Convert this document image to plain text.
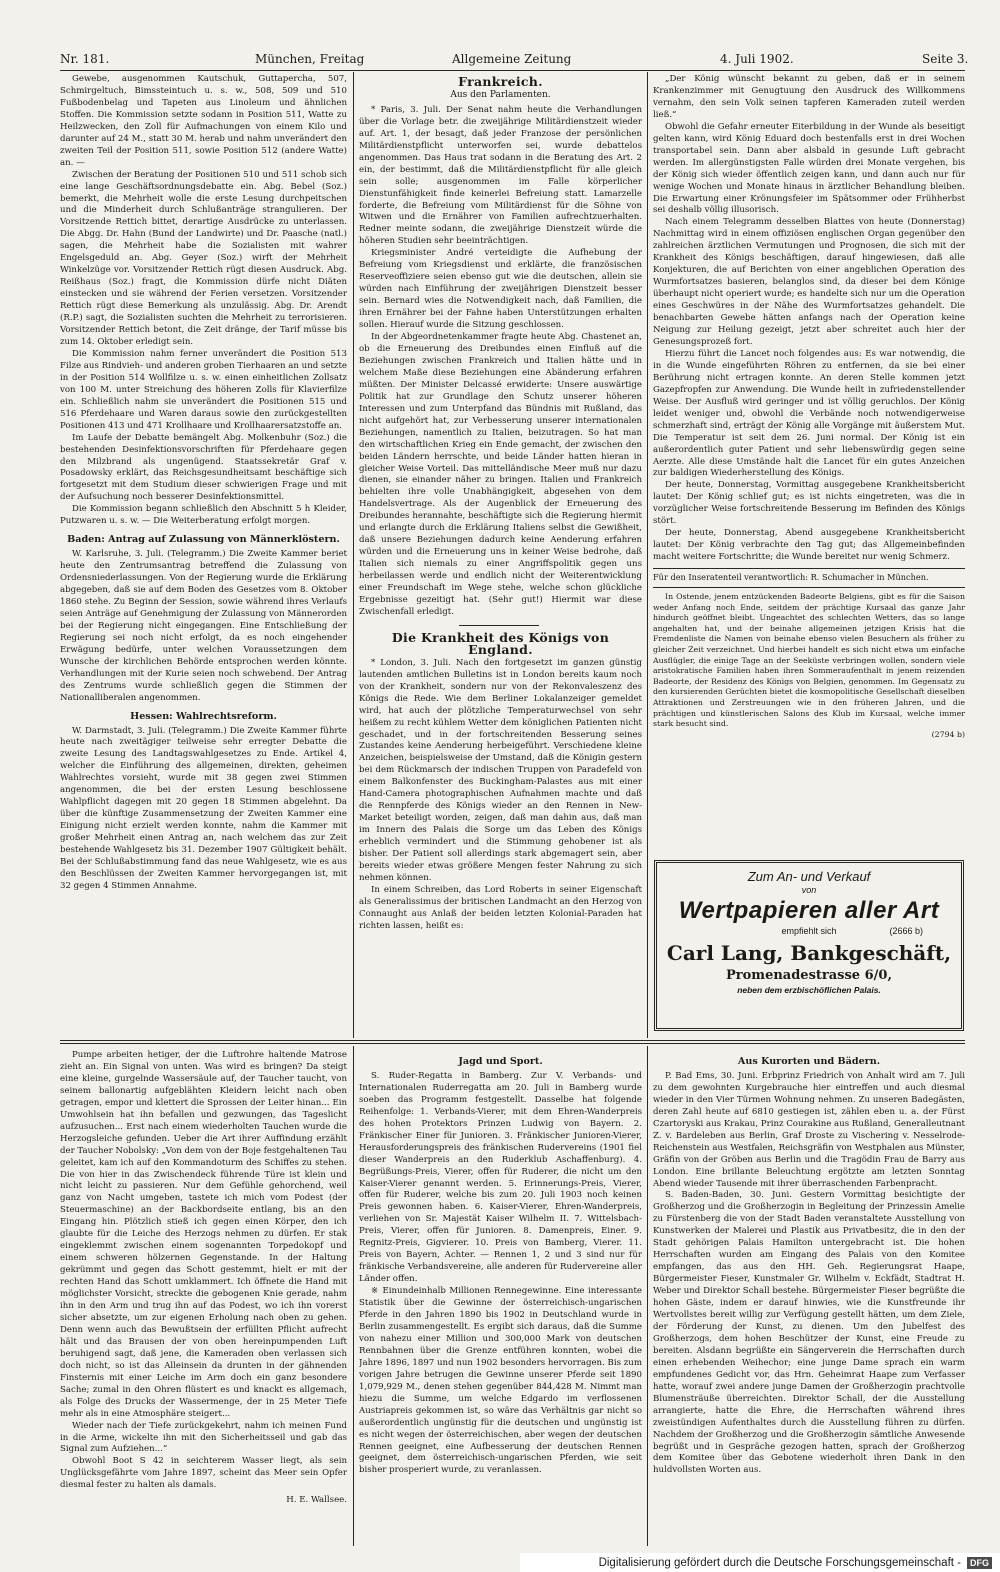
Nr. 181.	München, Freitag	Allgemeine Zeitung	4. Juli 1902.	Seite 3.

Gewebe, ausgenommen Kautschuk, Guttapercha, 507, Schmirgeltuch, Bimssteintuch u. s. w., 508, 509 und 510 Fußbodenbelag und Tapeten aus Linoleum und ähnlichen Stoffen. Die Kommission setzte sodann in Position 511, Watte zu Heilzwecken, den Zoll für Aufmachungen von einem Kilo und darunter auf 24 M., statt 30 M. herab und nahm unverändert den zweiten Teil der Position 511, sowie Position 512 (andere Watte) an. —

Zwischen der Beratung der Positionen 510 und 511 schob sich eine lange Geschäftsordnungsdebatte ein. Abg. Bebel (Soz.) bemerkt, die Mehrheit wolle die erste Lesung durchpeitschen und die Minderheit durch Schlußanträge strangulieren. Der Vorsitzende Rettich bittet, derartige Ausdrücke zu unterlassen. Die Abgg. Dr. Hahn (Bund der Landwirte) und Dr. Paasche (natl.) sagen, die Mehrheit habe die Sozialisten mit wahrer Engelsgeduld an. Abg. Geyer (Soz.) wirft der Mehrheit Winkelzüge vor. Vorsitzender Rettich rügt diesen Ausdruck. Abg. Reißhaus (Soz.) fragt, die Kommission dürfe nicht Diäten einstecken und sie während der Ferien versetzen. Vorsitzender Rettich rügt diese Bemerkung als unzulässig. Abg. Dr. Arendt (R.P.) sagt, die Sozialisten suchten die Mehrheit zu terrorisieren. Vorsitzender Rettich betont, die Zeit dränge, der Tarif müsse bis zum 14. Oktober erledigt sein.

Die Kommission nahm ferner unverändert die Position 513 Filze aus Rindvieh- und anderen groben Tierhaaren an und setzte in der Position 514 Wollfilze u. s. w. einen einheitlichen Zollsatz von 100 M. unter Streichung des höheren Zolls für Klavierfilze ein. Schließlich nahm sie unverändert die Positionen 515 und 516 Pferdehaare und Waren daraus sowie den zurückgestellten Positionen 413 und 471 Krollhaare und Krollhaarersatzstoffe an.

Im Laufe der Debatte bemängelt Abg. Molkenbuhr (Soz.) die bestehenden Desinfektionsvorschriften für Pferdehaare gegen den Milzbrand als ungenügend. Staatssekretär Graf v. Posadowsky erklärt, das Reichsgesundheitsamt beschäftige sich fortgesetzt mit dem Studium dieser schwierigen Frage und mit der Aufsuchung noch besserer Desinfektionsmittel.

Die Kommission begann schließlich den Abschnitt 5 h Kleider, Putzwaren u. s. w. — Die Weiterberatung erfolgt morgen.

Baden: Antrag auf Zulassung von Männerklöstern.

W. Karlsruhe, 3. Juli. (Telegramm.) Die Zweite Kammer beriet heute den Zentrumsantrag betreffend die Zulassung von Ordensniederlassungen. Von der Regierung wurde die Erklärung abgegeben, daß sie auf dem Boden des Gesetzes vom 8. Oktober 1860 stehe. Zu Beginn der Session, sowie während ihres Verlaufs seien Anträge auf Genehmigung der Zulassung von Männerorden bei der Regierung nicht eingegangen. Eine Entschließung der Regierung sei noch nicht erfolgt, da es noch eingehender Erwägung bedürfe, unter welchen Voraussetzungen dem Wunsche der kirchlichen Behörde entsprochen werden könnte. Verhandlungen mit der Kurie seien noch schwebend. Der Antrag des Zentrums wurde schließlich gegen die Stimmen der Nationalliberalen angenommen.

Hessen: Wahlrechtsreform.

W. Darmstadt, 3. Juli. (Telegramm.) Die Zweite Kammer führte heute nach zweitägiger teilweise sehr erregter Debatte die zweite Lesung des Landtagswahlgesetzes zu Ende. Artikel 4, welcher die Einführung des allgemeinen, direkten, geheimen Wahlrechtes vorsieht, wurde mit 38 gegen zwei Stimmen angenommen, die bei der ersten Lesung beschlossene Wahlpflicht dagegen mit 20 gegen 18 Stimmen abgelehnt. Da über die künftige Zusammensetzung der Zweiten Kammer eine Einigung nicht erzielt werden konnte, nahm die Kammer mit großer Mehrheit einen Antrag an, nach welchem das zur Zeit bestehende Wahlgesetz bis 31. Dezember 1907 Gültigkeit behält. Bei der Schlußabstimmung fand das neue Wahlgesetz, wie es aus den Beschlüssen der Zweiten Kammer hervorgegangen ist, mit 32 gegen 4 Stimmen Annahme.

Frankreich.
Aus den Parlamenten.

* Paris, 3. Juli. Der Senat nahm heute die Verhandlungen über die Vorlage betr. die zweijährige Militärdienstzeit wieder auf. Art. 1, der besagt, daß jeder Franzose der persönlichen Militärdienstpflicht unterworfen sei, wurde debattelos angenommen. Das Haus trat sodann in die Beratung des Art. 2 ein, der bestimmt, daß die Militärdienstpflicht für alle gleich sein solle; ausgenommen im Falle körperlicher Dienstunfähigkeit finde keinerlei Befreiung statt. Lamarzelle forderte, die Befreiung vom Militärdienst für die Söhne von Witwen und die Ernährer von Familien aufrechtzuerhalten. Redner meinte sodann, die zweijährige Dienstzeit würde die höheren Studien sehr beeinträchtigen.

Kriegsminister André verteidigte die Aufhebung der Befreiung vom Kriegsdienst und erklärte, die französischen Reserveoffiziere seien ebenso gut wie die deutschen, allein sie würden nach Einführung der zweijährigen Dienstzeit besser sein. Bernard wies die Notwendigkeit nach, daß Familien, die ihren Ernährer bei der Fahne haben Unterstützungen erhalten sollen. Hierauf wurde die Sitzung geschlossen.

In der Abgeordnetenkammer fragte heute Abg. Chastenet an, ob die Erneuerung des Dreibundes einen Einfluß auf die Beziehungen zwischen Frankreich und Italien hätte und in welchem Maße diese Beziehungen eine Abänderung erfahren müßten. Der Minister Delcassé erwiderte: Unsere auswärtige Politik hat zur Grundlage den Schutz unserer höheren Interessen und zum Unterpfand das Bündnis mit Rußland, das nicht aufgehört hat, zur Verbesserung unserer internationalen Beziehungen, namentlich zu Italien, beizutragen. So hat man den wirtschaftlichen Krieg ein Ende gemacht, der zwischen den beiden Ländern herrschte, und beide Länder hatten hieran in gleicher Weise Vorteil. Das mittelländische Meer muß nur dazu dienen, sie einander näher zu bringen. Italien und Frankreich behielten ihre volle Unabhängigkeit, abgesehen von dem Handelsvertrage. Als der Augenblick der Erneuerung des Dreibundes herannahte, beschäftigte sich die Regierung hiermit und erlangte durch die Erklärung Italiens selbst die Gewißheit, daß unsere Beziehungen dadurch keine Aenderung erfahren würden und die Erneuerung uns in keiner Weise bedrohe, daß Italien sich niemals zu einer Angriffspolitik gegen uns herbeilassen werde und endlich nicht der Weiterentwicklung einer Freundschaft im Wege stehe, welche schon glückliche Ergebnisse gezeitigt hat. (Sehr gut!) Hiermit war diese Zwischenfall erledigt.

Die Krankheit des Königs von England.

* London, 3. Juli. Nach den fortgesetzt im ganzen günstig lautenden amtlichen Bulletins ist in London bereits kaum noch von der Krankheit, sondern nur von der Rekonvaleszenz des Königs die Rede. Wie dem Berliner Lokalanzeiger gemeldet wird, hat auch der plötzliche Temperaturwechsel von sehr heißem zu recht kühlem Wetter dem königlichen Patienten nicht geschadet, und in der fortschreitenden Besserung seines Zustandes keine Aenderung herbeigeführt. Verschiedene kleine Anzeichen, beispielsweise der Umstand, daß die Königin gestern bei dem Rückmarsch der indischen Truppen von Paradefeld von einem Balkonfenster des Buckingham-Palastes aus mit einer Hand-Camera photographischen Aufnahmen machte und daß die Rennpferde des Königs wieder an den Rennen in New-Market beteiligt worden, zeigen, daß man dahin aus, daß man im Innern des Palais die Sorge um das Leben des Königs erheblich vermindert und die Stimmung gehobener ist als bisher. Der Patient soll allerdings stark abgemagert sein, aber bereits wieder etwas größere Mengen fester Nahrung zu sich nehmen können.

In einem Schreiben, das Lord Roberts in seiner Eigenschaft als Generalissimus der britischen Landmacht an den Herzog von Connaught aus Anlaß der beiden letzten Kolonial-Paraden hat richten lassen, heißt es:

„Der König wünscht bekannt zu geben, daß er in seinem Krankenzimmer mit Genugtuung den Ausdruck des Willkommens vernahm, den sein Volk seinen tapferen Kameraden zuteil werden ließ.“

Obwohl die Gefahr erneuter Eiterbildung in der Wunde als beseitigt gelten kann, wird König Eduard doch bestenfalls erst in drei Wochen transportabel sein. Dann aber alsbald in gesunde Luft gebracht werden. Im allergünstigsten Falle würden drei Monate vergehen, bis der König sich wieder öffentlich zeigen kann, und dann auch nur für wenige Wochen und Monate hinaus in ärztlicher Behandlung bleiben. Die Erwartung einer Krönungsfeier im Spätsommer oder Frühherbst sei deshalb völlig illusorisch.

Nach einem Telegramm desselben Blattes von heute (Donnerstag) Nachmittag wird in einem offiziösen englischen Organ gegenüber den zahlreichen ärztlichen Vermutungen und Prognosen, die sich mit der Krankheit des Königs beschäftigen, darauf hingewiesen, daß alle Konjekturen, die auf Berichten von einer angeblichen Operation des Wurmfortsatzes basieren, belanglos sind, da dieser bei dem Könige überhaupt nicht operiert wurde; es handelte sich nur um die Operation eines Geschwüres in der Nähe des Wurmfortsatzes gehandelt. Die benachbarten Gewebe hätten anfangs nach der Operation keine Neigung zur Heilung gezeigt, jetzt aber schreitet auch hier der Genesungsprozeß fort.

Hierzu führt die Lancet noch folgendes aus: Es war notwendig, die in die Wunde eingeführten Röhren zu entfernen, da sie bei einer Berührung nicht ertragen konnte. An deren Stelle kommen jetzt Gazepfropfen zur Anwendung. Die Wunde heilt in zufriedenstellender Weise. Der Ausfluß wird geringer und ist völlig geruchlos. Der König leidet weniger und, obwohl die Verbände noch notwendigerweise schmerzhaft sind, erträgt der König alle Vorgänge mit äußerstem Mut. Die Temperatur ist seit dem 26. Juni normal. Der König ist ein außerordentlich guter Patient und sehr liebenswürdig gegen seine Aerzte. Alle diese Umstände halt die Lancet für ein gutes Anzeichen zur baldigen Wiederherstellung des Königs.

Der heute, Donnerstag, Vormittag ausgegebene Krankheitsbericht lautet: Der König schlief gut; es ist nichts eingetreten, was die in vorzüglicher Weise fortschreitende Besserung im Befinden des Königs stört.

Der heute, Donnerstag, Abend ausgegebene Krankheitsbericht lautet: Der König verbrachte den Tag gut; das Allgemeinbefinden macht weitere Fortschritte; die Wunde bereitet nur wenig Schmerz.

Für den Inseratenteil verantwortlich: R. Schumacher in München.

In Ostende, jenem entzückenden Badeorte Belgiens, gibt es für die Saison weder Anfang noch Ende, seitdem der prächtige Kursaal das ganze Jahr hindurch geöffnet bleibt. Ungeachtet des schlechten Wetters, das so lange angehalten hat, und der beinahe allgemeinen jetzigen Krisis hat die Fremdenliste die Namen von beinahe ebenso vielen Besuchern als früher zu gleicher Zeit verzeichnet. Und hierbei handelt es sich nicht etwa um einfache Ausflügler, die einige Tage an der Seeküste verbringen wollen, sondern viele aristokratische Familien haben ihren Sommeraufenthalt in jenem reizenden Badeorte, der Residenz des Königs von Belgien, genommen. Im Gegensatz zu den kursierenden Gerüchten bietet die kosmopolitische Gesellschaft dieselben Attraktionen und Zerstreuungen wie in den früheren Jahren, und die prächtigen und künstlerischen Salons des Klub im Kursaal, welche immer stark besucht sind.

(2794 b)
Zum An- und Verkauf
von
Wertpapieren aller Art
empfiehlt sich	(2666 b)
Carl Lang, Bankgeschäft,
Promenadestrasse 6/0,
neben dem erzbischöflichen Palais.

Pumpe arbeiten hetiger, der die Luftrohre haltende Matrose zieht an. Ein Signal von unten. Was wird es bringen? Da steigt eine kleine, gurgelnde Wassersäule auf, der Taucher taucht, von seinem ballonartig aufgeblähten Kleidern leicht nach oben getragen, empor und klettert die Sprossen der Leiter hinan... Ein Umwohlsein hat ihn befallen und gezwungen, das Tageslicht aufzusuchen... Erst nach einem wiederholten Tauchen wurde die Herzogsleiche gefunden. Ueber die Art ihrer Auffindung erzählt der Taucher Nobolsky: „Von dem von der Boje festgehaltenen Tau geleitet, kam ich auf den Kommandoturm des Schiffes zu stehen. Die von hier in das Zwischendeck führende Türe ist klein und nicht leicht zu passieren. Nur dem Gefühle gehorchend, weil ganz von Nacht umgeben, tastete ich mich vom Podest (der Steuermaschine) an der Backbordseite entlang, bis an den Eingang hin. Plötzlich stieß ich gegen einen Körper, den ich glaubte für die Leiche des Herzogs nehmen zu dürfen. Er stak eingeklemmt zwischen einem sogenannten Torpedokopf und einem schweren hölzernen Gegenstande. In der Haltung gekrümmt und gegen das Schott gestemmt, hielt er mit der rechten Hand das Schott umklammert. Ich öffnete die Hand mit möglichster Vorsicht, streckte die gebogenen Knie gerade, nahm ihn in den Arm und trug ihn auf das Podest, wo ich ihn vorerst sicher absetzte, um zur eigenen Erholung nach oben zu gehen. Denn wenn auch das Bewußtsein der erfüllten Pflicht aufrecht hält und das Brausen der von oben hereinpumpenden Luft beruhigend sagt, daß jene, die Kameraden oben verlassen sich doch nicht, so ist das Alleinsein da drunten in der gähnenden Finsternis mit einer Leiche im Arm doch ein ganz besondere Sache; zumal in den Ohren flüstert es und knackt es allgemach, als Folge des Drucks der Wassermenge, der in 25 Meter Tiefe mehr als in eine Atmosphäre steigert...

Wieder nach der Tiefe zurückgekehrt, nahm ich meinen Fund in die Arme, wickelte ihn mit den Sicherheitsseil und gab das Signal zum Aufziehen...“

Obwohl Boot S 42 in seichterem Wasser liegt, als sein Unglücksgefährte vom Jahre 1897, scheint das Meer sein Opfer diesmal fester zu halten als damals.

H. E. Wallsee.
Jagd und Sport.

S. Ruder-Regatta in Bamberg. Zur V. Verbands- und Internationalen Ruderregatta am 20. Juli in Bamberg wurde soeben das Programm festgestellt. Dasselbe hat folgende Reihenfolge: 1. Verbands-Vierer, mit dem Ehren-Wanderpreis des hohen Protektors Prinzen Ludwig von Bayern. 2. Fränkischer Einer für Junioren. 3. Fränkischer Junioren-Vierer, Herausforderungspreis des fränkischen Rudervereins (1901 fiel dieser Wanderpreis an den Ruderklub Aschaffenburg). 4. Begrüßungs-Preis, Vierer, offen für Ruderer, die nicht um den Kaiser-Vierer genannt werden. 5. Erinnerungs-Preis, Vierer, offen für Ruderer, welche bis zum 20. Juli 1903 noch keinen Preis gewonnen haben. 6. Kaiser-Vierer, Ehren-Wanderpreis, verliehen von Sr. Majestät Kaiser Wilhelm II. 7. Wittelsbach-Preis, Vierer, offen für Junioren. 8. Damenpreis, Einer. 9. Regnitz-Preis, Gigvierer. 10. Preis von Bamberg, Vierer. 11. Preis von Bayern, Achter. — Rennen 1, 2 und 3 sind nur für fränkische Verbandsvereine, alle anderen für Rudervereine aller Länder offen.

※ Einundeinhalb Millionen Rennegewinne. Eine interessante Statistik über die Gewinne der österreichisch-ungarischen Pferde in den Jahren 1890 bis 1902 in Deutschland wurde in Berlin zusammengestellt. Es ergibt sich daraus, daß die Summe von nahezu einer Million und 300,000 Mark von deutschen Rennbahnen über die Grenze entführen konnten, wobei die Jahre 1896, 1897 und nun 1902 besonders hervorragen. Bis zum vorigen Jahre betrugen die Gewinne unserer Pferde seit 1890 1,079,929 M., denen stehen gegenüber 844,428 M. Nimmt man hiezu die Summe, um welche Edgardo im verflossenen Austriapreis gekommen ist, so wäre das Verhältnis gar nicht so außerordentlich ungünstig für die deutschen und ungünstig ist es nicht wegen der österreichischen, aber wegen der deutschen Rennen geeignet, eine Aufbesserung der deutschen Rennen geeignet, dem österreichisch-ungarischen Pferden, wie seit bisher prosperiert wurde, zu veranlassen.

Aus Kurorten und Bädern.

P. Bad Ems, 30. Juni. Erbprinz Friedrich von Anhalt wird am 7. Juli zu dem gewohnten Kurgebrauche hier eintreffen und auch diesmal wieder in den Vier Türmen Wohnung nehmen. Zu unseren Badegästen, deren Zahl heute auf 6810 gestiegen ist, zählen eben u. a. der Fürst Czartoryski aus Krakau, Prinz Courakine aus Rußland, Generalleutnant Z. v. Bardeleben aus Berlin, Graf Droste zu Vischering v. Nesselrode-Reichenstein aus Westfalen, Reichsgräfin von Westphalen aus Münster, Gräfin von der Gröben aus Berlin und die Tragödin Frau de Barry aus London. Eine brillante Beleuchtung ergötzte am letzten Sonntag Abend wieder Tausende mit ihrer überraschenden Farbenpracht.

S. Baden-Baden, 30. Juni. Gestern Vormittag besichtigte der Großherzog und die Großherzogin in Begleitung der Prinzessin Amelie zu Fürstenberg die von der Stadt Baden veranstaltete Ausstellung von Kunstwerken der Malerei und Plastik aus Privatbesitz, die in den der Stadt gehörigen Palais Hamilton untergebracht ist. Die hohen Herrschaften wurden am Eingang des Palais von den Komitee empfangen, das aus den HH. Geh. Regierungsrat Haape, Bürgermeister Fieser, Kunstmaler Gr. Wilhelm v. Eckfädt, Stadtrat H. Weber und Direktor Schall bestehe. Bürgermeister Fieser begrüßte die hohen Gäste, indem er darauf hinwies, wie die Kunstfreunde ihr Wertvollstes bereit willig zur Verfügung gestellt hätten, um dem Ziele, der Förderung der Kunst, zu dienen. Um den Jubelfest des Großherzogs, dem hohen Beschützer der Kunst, eine Freude zu bereiten. Alsdann begrüßte ein Sängerverein die Herrschaften durch einen erhebenden Weihechor; eine junge Dame sprach ein warm empfundenes Gedicht vor, das Hrn. Geheimrat Haape zum Verfasser hatte, worauf zwei andere junge Damen der Großherzogin prachtvolle Blumensträuße überreichten. Direktor Schall, der die Ausstellung arrangierte, hatte die Ehre, die Herrschaften während ihres zweistündigen Aufenthaltes durch die Ausstellung führen zu dürfen. Nachdem der Großherzog und die Großherzogin sämtliche Anwesende begrüßt und in Gespräche gezogen hatten, sprach der Großherzog dem Komitee über das Gebotene wiederholt ihren Dank in den huldvollsten Worten aus.

Digitalisierung gefördert durch die Deutsche Forschungsgemeinschaft -	DFG
